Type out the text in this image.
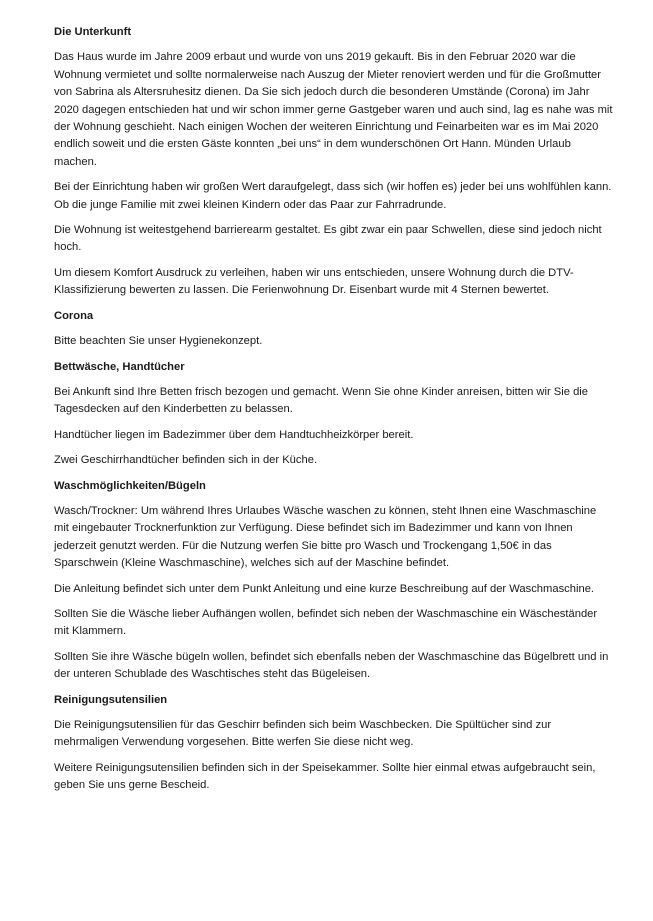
Die Unterkunft

Das Haus wurde im Jahre 2009 erbaut und wurde von uns 2019 gekauft. Bis in den Februar 2020 war die Wohnung vermietet und sollte normalerweise nach Auszug der Mieter renoviert werden und für die Großmutter von Sabrina als Altersruhesitz dienen. Da Sie sich jedoch durch die besonderen Umstände (Corona) im Jahr 2020 dagegen entschieden hat und wir schon immer gerne Gastgeber waren und auch sind, lag es nahe was mit der Wohnung geschieht. Nach einigen Wochen der weiteren Einrichtung und Feinarbeiten war es im Mai 2020 endlich soweit und die ersten Gäste konnten „bei uns“ in dem wunderschönen Ort Hann. Münden Urlaub machen.

Bei der Einrichtung haben wir großen Wert daraufgelegt, dass sich (wir hoffen es) jeder bei uns wohlfühlen kann. Ob die junge Familie mit zwei kleinen Kindern oder das Paar zur Fahrradrunde.

Die Wohnung ist weitestgehend barrierearm gestaltet. Es gibt zwar ein paar Schwellen, diese sind jedoch nicht hoch.

Um diesem Komfort Ausdruck zu verleihen, haben wir uns entschieden, unsere Wohnung durch die DTV-Klassifizierung bewerten zu lassen. Die Ferienwohnung Dr. Eisenbart wurde mit 4 Sternen bewertet.

Corona

Bitte beachten Sie unser Hygienekonzept.

Bettwäsche, Handtücher

Bei Ankunft sind Ihre Betten frisch bezogen und gemacht. Wenn Sie ohne Kinder anreisen, bitten wir Sie die Tagesdecken auf den Kinderbetten zu belassen.

Handtücher liegen im Badezimmer über dem Handtuchheizkörper bereit.

Zwei Geschirrhandtücher befinden sich in der Küche.

Waschmöglichkeiten/Bügeln

Wasch/Trockner: Um während Ihres Urlaubes Wäsche waschen zu können, steht Ihnen eine Waschmaschine mit eingebauter Trocknerfunktion zur Verfügung. Diese befindet sich im Badezimmer und kann von Ihnen jederzeit genutzt werden. Für die Nutzung werfen Sie bitte pro Wasch und Trockengang 1,50€ in das Sparschwein (Kleine Waschmaschine), welches sich auf der Maschine befindet.

Die Anleitung befindet sich unter dem Punkt Anleitung und eine kurze Beschreibung auf der Waschmaschine.

Sollten Sie die Wäsche lieber Aufhängen wollen, befindet sich neben der Waschmaschine ein Wäscheständer mit Klammern.

Sollten Sie ihre Wäsche bügeln wollen, befindet sich ebenfalls neben der Waschmaschine das Bügelbrett und in der unteren Schublade des Waschtisches steht das Bügeleisen.

Reinigungsutensilien

Die Reinigungsutensilien für das Geschirr befinden sich beim Waschbecken. Die Spültücher sind zur mehrmaligen Verwendung vorgesehen. Bitte werfen Sie diese nicht weg.

Weitere Reinigungsutensilien befinden sich in der Speisekammer. Sollte hier einmal etwas aufgebraucht sein, geben Sie uns gerne Bescheid.
